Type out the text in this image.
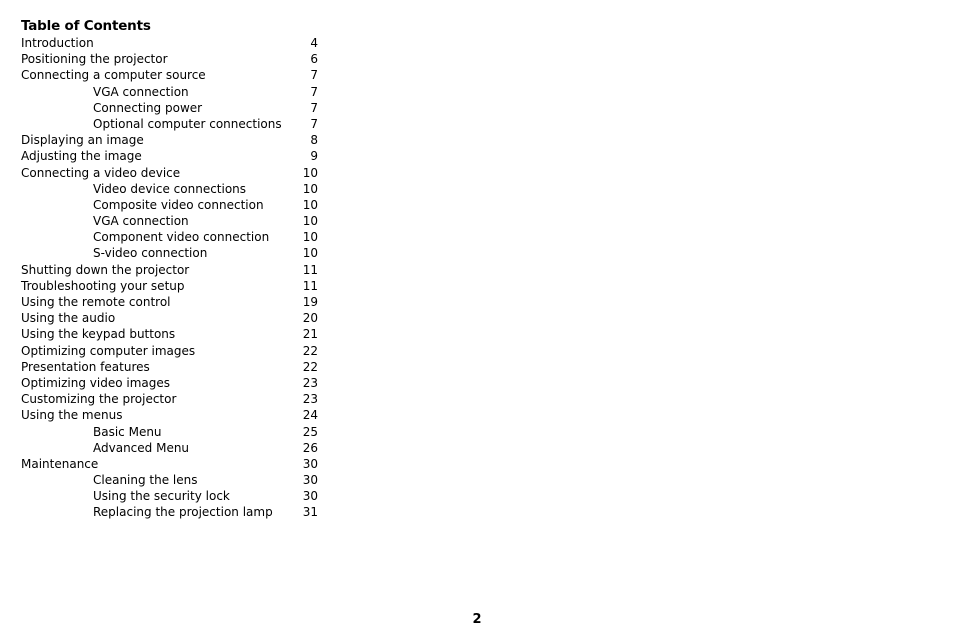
Table of Contents
Introduction	4
Positioning the projector	6
Connecting a computer source	7
VGA connection	7
Connecting power	7
Optional computer connections 7
Displaying an image	8
Adjusting the image	9
Connecting a video device	10
Video device connections	10
Composite video connection	10
VGA connection	10
Component video connection	10
S-video connection	10
Shutting down the projector	11
Troubleshooting your setup	11
Using the remote control	19
Using the audio	20
Using the keypad buttons	21
Optimizing computer images	22
Presentation features	22
Optimizing video images	23
Customizing the projector	23
Using the menus	24
Basic Menu	25
Advanced Menu	26
Maintenance	30
Cleaning the lens	30
Using the security lock	30
Replacing the projection lamp	31
2
